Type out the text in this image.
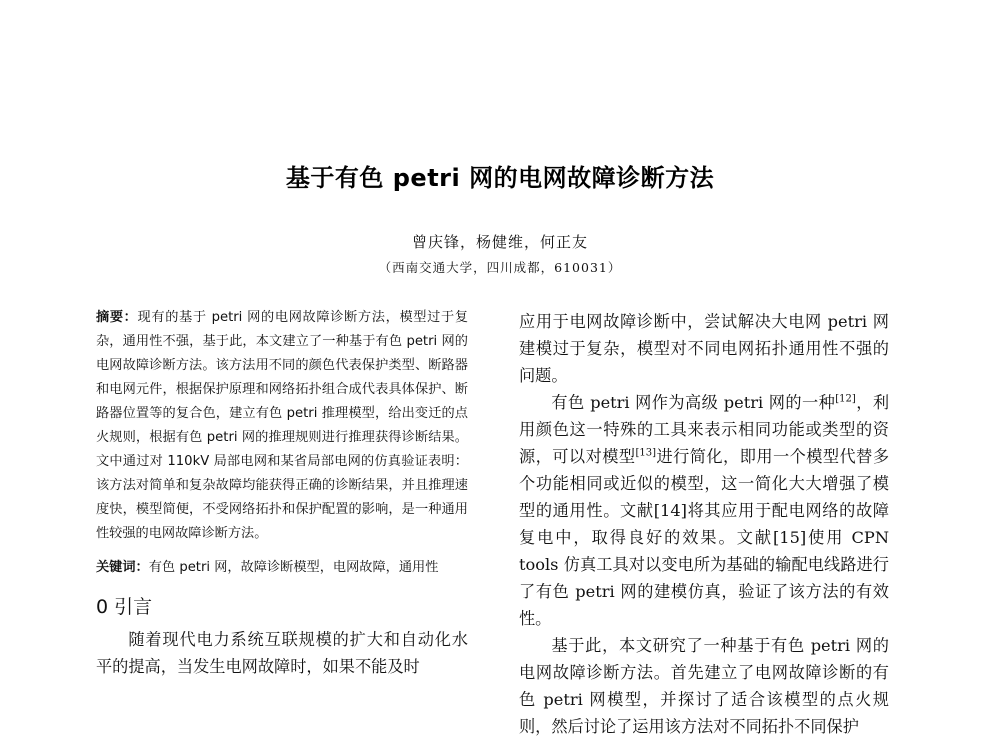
基于有色 petri 网的电网故障诊断方法
曾庆锋，杨健维，何正友
（西南交通大学，四川成都，610031）

摘要：现有的基于 petri 网的电网故障诊断方法，模型过于复杂，通用性不强，基于此，本文建立了一种基于有色 petri 网的电网故障诊断方法。该方法用不同的颜色代表保护类型、断路器和电网元件，根据保护原理和网络拓扑组合成代表具体保护、断路器位置等的复合色，建立有色 petri 推理模型，给出变迁的点火规则，根据有色 petri 网的推理规则进行推理获得诊断结果。文中通过对 110kV 局部电网和某省局部电网的仿真验证表明：该方法对简单和复杂故障均能获得正确的诊断结果，并且推理速度快，模型简便，不受网络拓扑和保护配置的影响，是一种通用性较强的电网故障诊断方法。

关键词：有色 petri 网，故障诊断模型，电网故障，通用性

0 引言

随着现代电力系统互联规模的扩大和自动化水平的提高，当发生电网故障时，如果不能及时

应用于电网故障诊断中，尝试解决大电网 petri 网建模过于复杂，模型对不同电网拓扑通用性不强的问题。

有色 petri 网作为高级 petri 网的一种[12]，利用颜色这一特殊的工具来表示相同功能或类型的资源，可以对模型[13]进行简化，即用一个模型代替多个功能相同或近似的模型，这一简化大大增强了模型的通用性。文献[14]将其应用于配电网络的故障复电中，取得良好的效果。文献[15]使用 CPN tools 仿真工具对以变电所为基础的输配电线路进行了有色 petri 网的建模仿真，验证了该方法的有效性。

基于此，本文研究了一种基于有色 petri 网的电网故障诊断方法。首先建立了电网故障诊断的有色 petri 网模型，并探讨了适合该模型的点火规则，然后讨论了运用该方法对不同拓扑不同保护
